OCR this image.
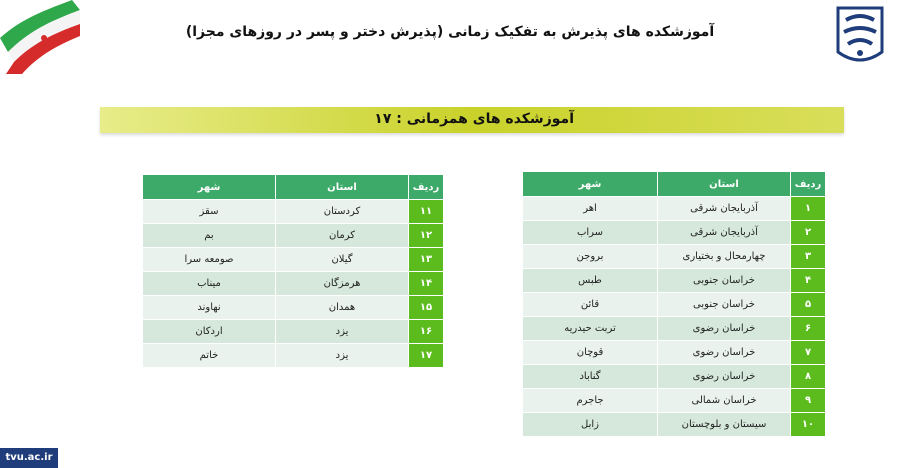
آموزشکده های پذیرش به تفکیک زمانی (پذیرش دختر و پسر در روزهای مجزا)
آموزشکده های همزمانی : ۱۷
ردیف	استان	شهر
۱	آذربایجان شرقی	اهر
۲	آذربایجان شرقی	سراب
۳	چهارمحال و بختیاری	بروجن
۴	خراسان جنوبی	طبس
۵	خراسان جنوبی	قائن
۶	خراسان رضوی	تربت حیدریه
۷	خراسان رضوی	قوچان
۸	خراسان رضوی	گناباد
۹	خراسان شمالی	جاجرم
۱۰	سیستان و بلوچستان	زابل
ردیف	استان	شهر
۱۱	کردستان	سقز
۱۲	کرمان	بم
۱۳	گیلان	صومعه سرا
۱۴	هرمزگان	میناب
۱۵	همدان	نهاوند
۱۶	یزد	اردکان
۱۷	یزد	خاتم
tvu.ac.ir
